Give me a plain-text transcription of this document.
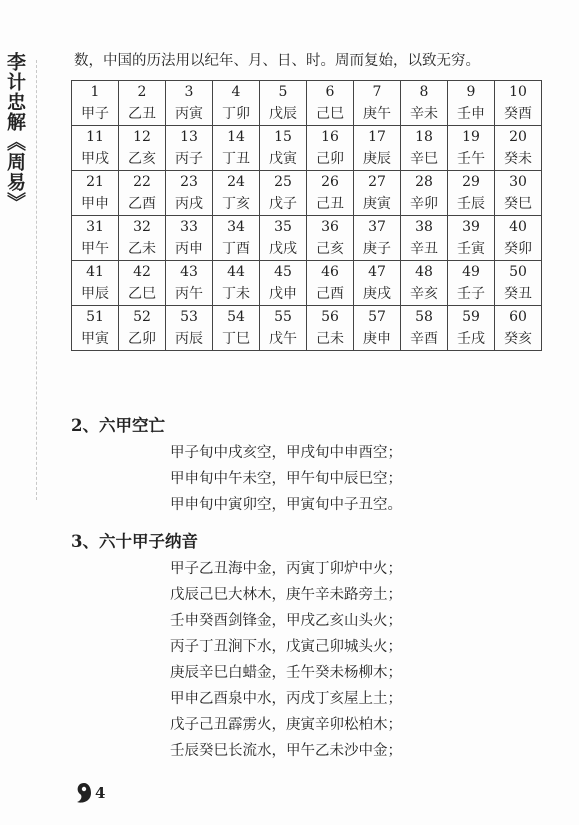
李计忠解《周易》	数，中国的历法用以纪年、月、日、时。周而复始，以致无穷。
1	2	3	4	5	6	7	8	9	10
甲子	乙丑	丙寅	丁卯	戊辰	己巳	庚午	辛未	壬申	癸酉
11	12	13	14	15	16	17	18	19	20
甲戌	乙亥	丙子	丁丑	戊寅	己卯	庚辰	辛巳	壬午	癸未
21	22	23	24	25	26	27	28	29	30
甲申	乙酉	丙戌	丁亥	戊子	己丑	庚寅	辛卯	壬辰	癸巳
31	32	33	34	35	36	37	38	39	40
甲午	乙未	丙申	丁酉	戊戌	己亥	庚子	辛丑	壬寅	癸卯
41	42	43	44	45	46	47	48	49	50
甲辰	乙巳	丙午	丁未	戊申	己酉	庚戌	辛亥	壬子	癸丑
51	52	53	54	55	56	57	58	59	60
甲寅	乙卯	丙辰	丁巳	戊午	己未	庚申	辛酉	壬戌	癸亥
2、六甲空亡
甲子旬中戌亥空，甲戌旬中申酉空；
甲申旬中午未空，甲午旬中辰巳空；
甲申旬中寅卯空，甲寅旬中子丑空。
3、六十甲子纳音
甲子乙丑海中金，丙寅丁卯炉中火；
戊辰己巳大林木，庚午辛未路旁土；
壬申癸酉剑锋金，甲戌乙亥山头火；
丙子丁丑涧下水，戊寅己卯城头火；
庚辰辛巳白蜡金，壬午癸未杨柳木；
甲申乙酉泉中水，丙戌丁亥屋上土；
戊子己丑霹雳火，庚寅辛卯松柏木；
壬辰癸巳长流水，甲午乙未沙中金；
4
